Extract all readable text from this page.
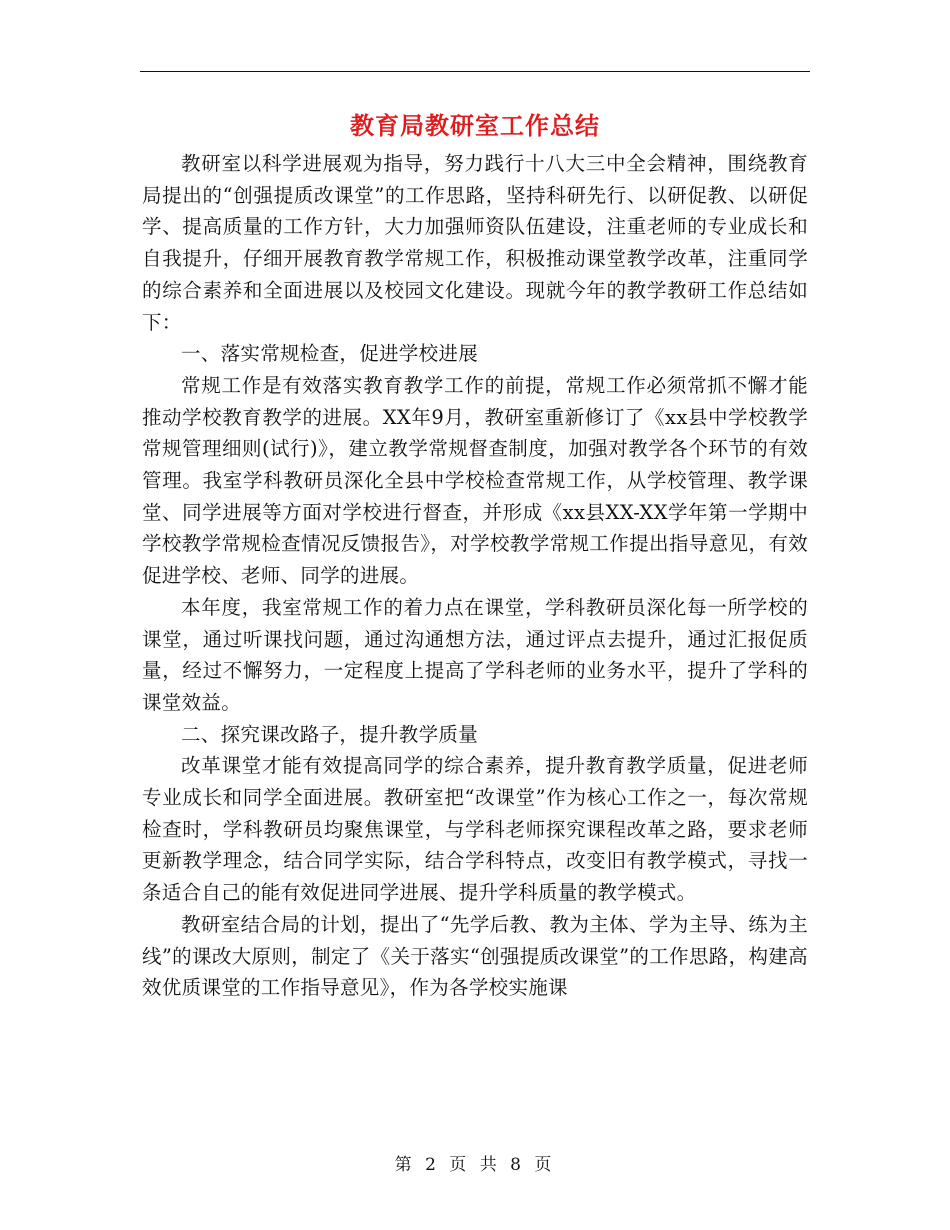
教育局教研室工作总结

教研室以科学进展观为指导，努力践行十八大三中全会精神，围绕教育局提出的“创强提质改课堂”的工作思路，坚持科研先行、以研促教、以研促学、提高质量的工作方针，大力加强师资队伍建设，注重老师的专业成长和自我提升，仔细开展教育教学常规工作，积极推动课堂教学改革，注重同学的综合素养和全面进展以及校园文化建设。现就今年的教学教研工作总结如下：

一、落实常规检查，促进学校进展

常规工作是有效落实教育教学工作的前提，常规工作必须常抓不懈才能推动学校教育教学的进展。XX年9月，教研室重新修订了《xx县中学校教学常规管理细则(试行)》，建立教学常规督查制度，加强对教学各个环节的有效管理。我室学科教研员深化全县中学校检查常规工作，从学校管理、教学课堂、同学进展等方面对学校进行督查，并形成《xx县XX-XX学年第一学期中学校教学常规检查情况反馈报告》，对学校教学常规工作提出指导意见，有效促进学校、老师、同学的进展。

本年度，我室常规工作的着力点在课堂，学科教研员深化每一所学校的课堂，通过听课找问题，通过沟通想方法，通过评点去提升，通过汇报促质量，经过不懈努力，一定程度上提高了学科老师的业务水平，提升了学科的课堂效益。

二、探究课改路子，提升教学质量

改革课堂才能有效提高同学的综合素养，提升教育教学质量，促进老师专业成长和同学全面进展。教研室把“改课堂”作为核心工作之一，每次常规检查时，学科教研员均聚焦课堂，与学科老师探究课程改革之路，要求老师更新教学理念，结合同学实际，结合学科特点，改变旧有教学模式，寻找一条适合自己的能有效促进同学进展、提升学科质量的教学模式。

教研室结合局的计划，提出了“先学后教、教为主体、学为主导、练为主线”的课改大原则，制定了《关于落实“创强提质改课堂”的工作思路，构建高效优质课堂的工作指导意见》，作为各学校实施课

第 2 页 共 8 页
